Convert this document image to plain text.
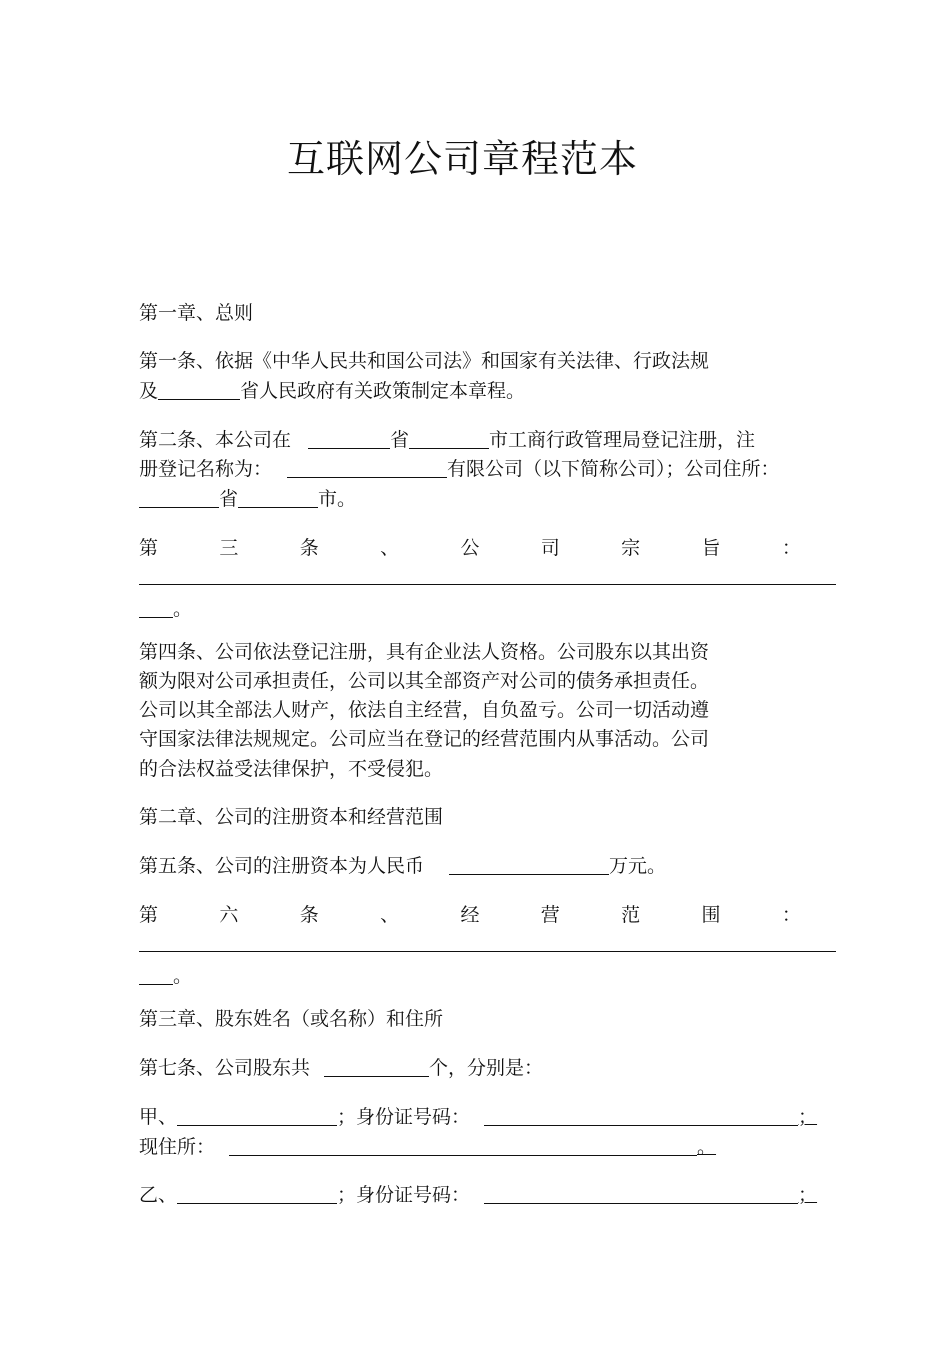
互联网公司章程范本
第一章、总则
第一条、依据《中华人民共和国公司法》和国家有关法律、行政法规
及	省人民政府有关政策制定本章程。
第二条、本公司在	省	市工商行政管理局登记注册，注
册登记名称为：	有限公司（以下简称公司）；公司住所：
省	市。
第	三	条	、	公	司	宗	旨	：
。
第四条、公司依法登记注册，具有企业法人资格。公司股东以其出资
额为限对公司承担责任，公司以其全部资产对公司的债务承担责任。
公司以其全部法人财产，依法自主经营，自负盈亏。公司一切活动遵
守国家法律法规规定。公司应当在登记的经营范围内从事活动。公司
的合法权益受法律保护，不受侵犯。
第二章、公司的注册资本和经营范围
第五条、公司的注册资本为人民币	万元。
第	六	条	、	经	营	范	围	：
。
第三章、股东姓名（或名称）和住所
第七条、公司股东共	个，分别是：
甲、	；身份证号码：	；
现住所：	。
乙、	；身份证号码：	；
